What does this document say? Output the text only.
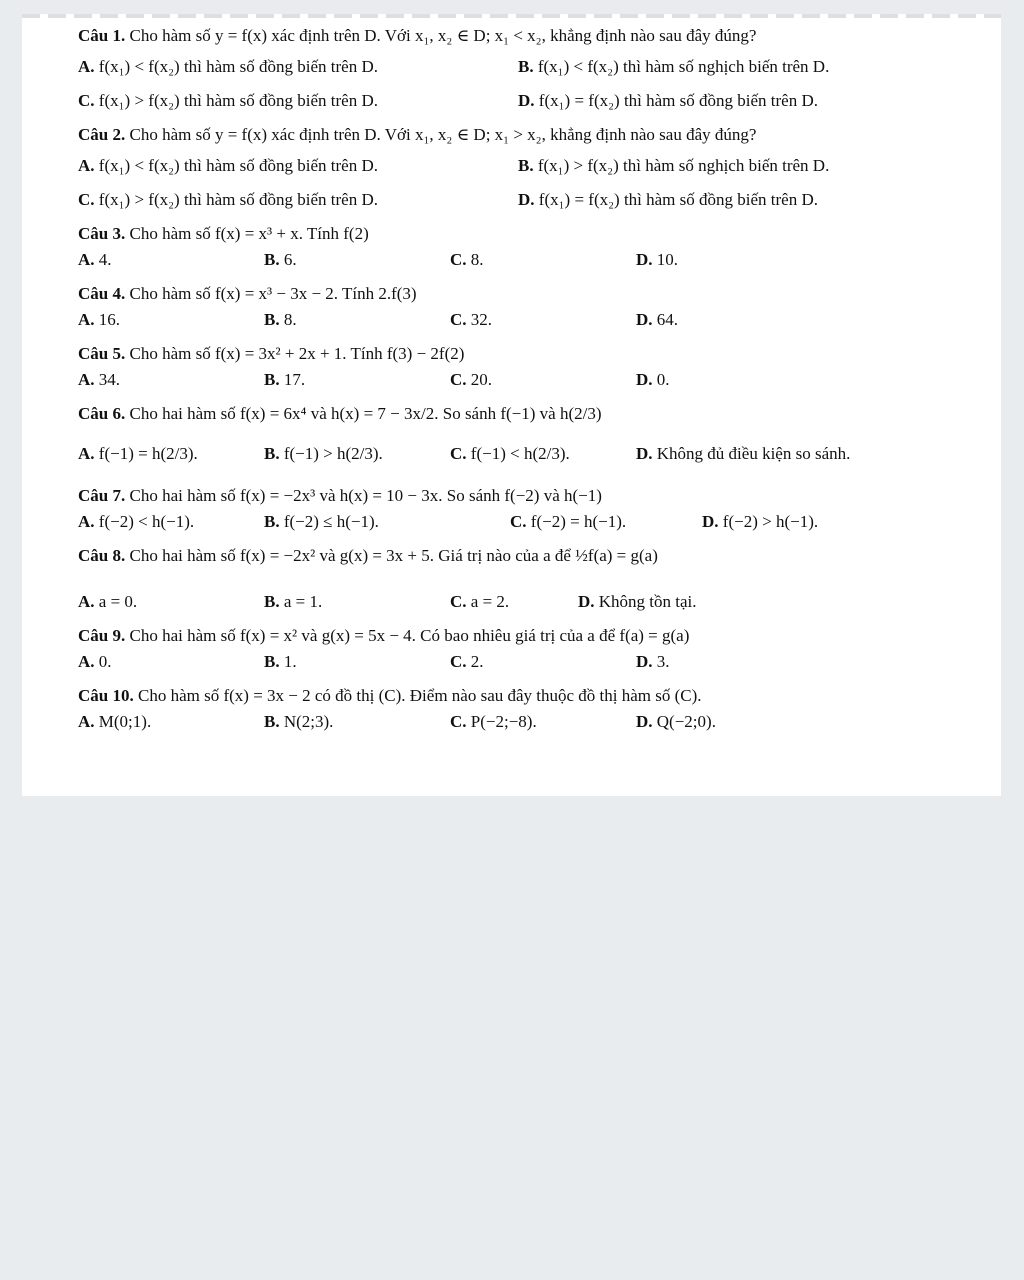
Câu 1. Cho hàm số y = f(x) xác định trên D. Với x₁, x₂ ∈ D; x₁ < x₂, khẳng định nào sau đây đúng?
A. f(x₁) < f(x₂) thì hàm số đồng biến trên D.	B. f(x₁) < f(x₂) thì hàm số nghịch biến trên D.
C. f(x₁) > f(x₂) thì hàm số đồng biến trên D.	D. f(x₁) = f(x₂) thì hàm số đồng biến trên D.
Câu 2. Cho hàm số y = f(x) xác định trên D. Với x₁, x₂ ∈ D; x₁ > x₂, khẳng định nào sau đây đúng?
A. f(x₁) < f(x₂) thì hàm số đồng biến trên D.	B. f(x₁) > f(x₂) thì hàm số nghịch biến trên D.
C. f(x₁) > f(x₂) thì hàm số đồng biến trên D.	D. f(x₁) = f(x₂) thì hàm số đồng biến trên D.
Câu 3. Cho hàm số f(x) = x³ + x. Tính f(2)
A. 4.	B. 6.	C. 8.	D. 10.
Câu 4. Cho hàm số f(x) = x³ − 3x − 2. Tính 2.f(3)
A. 16.	B. 8.	C. 32.	D. 64.
Câu 5. Cho hàm số f(x) = 3x² + 2x + 1. Tính f(3) − 2f(2)
A. 34.	B. 17.	C. 20.	D. 0.
Câu 6. Cho hai hàm số f(x) = 6x⁴ và h(x) = 7 − 3x/2. So sánh f(−1) và h(2/3)
A. f(−1) = h(2/3).	B. f(−1) > h(2/3).	C. f(−1) < h(2/3).	D. Không đủ điều kiện so sánh.
Câu 7. Cho hai hàm số f(x) = −2x³ và h(x) = 10 − 3x. So sánh f(−2) và h(−1)
A. f(−2) < h(−1).	B. f(−2) ≤ h(−1).	C. f(−2) = h(−1).	D. f(−2) > h(−1).
Câu 8. Cho hai hàm số f(x) = −2x² và g(x) = 3x + 5. Giá trị nào của a để ½f(a) = g(a)
A. a = 0.	B. a = 1.	C. a = 2.	D. Không tồn tại.
Câu 9. Cho hai hàm số f(x) = x² và g(x) = 5x − 4. Có bao nhiêu giá trị của a để f(a) = g(a)
A. 0.	B. 1.	C. 2.	D. 3.
Câu 10. Cho hàm số f(x) = 3x − 2 có đồ thị (C). Điểm nào sau đây thuộc đồ thị hàm số (C).
A. M(0;1).	B. N(2;3).	C. P(−2;−8).	D. Q(−2;0).
